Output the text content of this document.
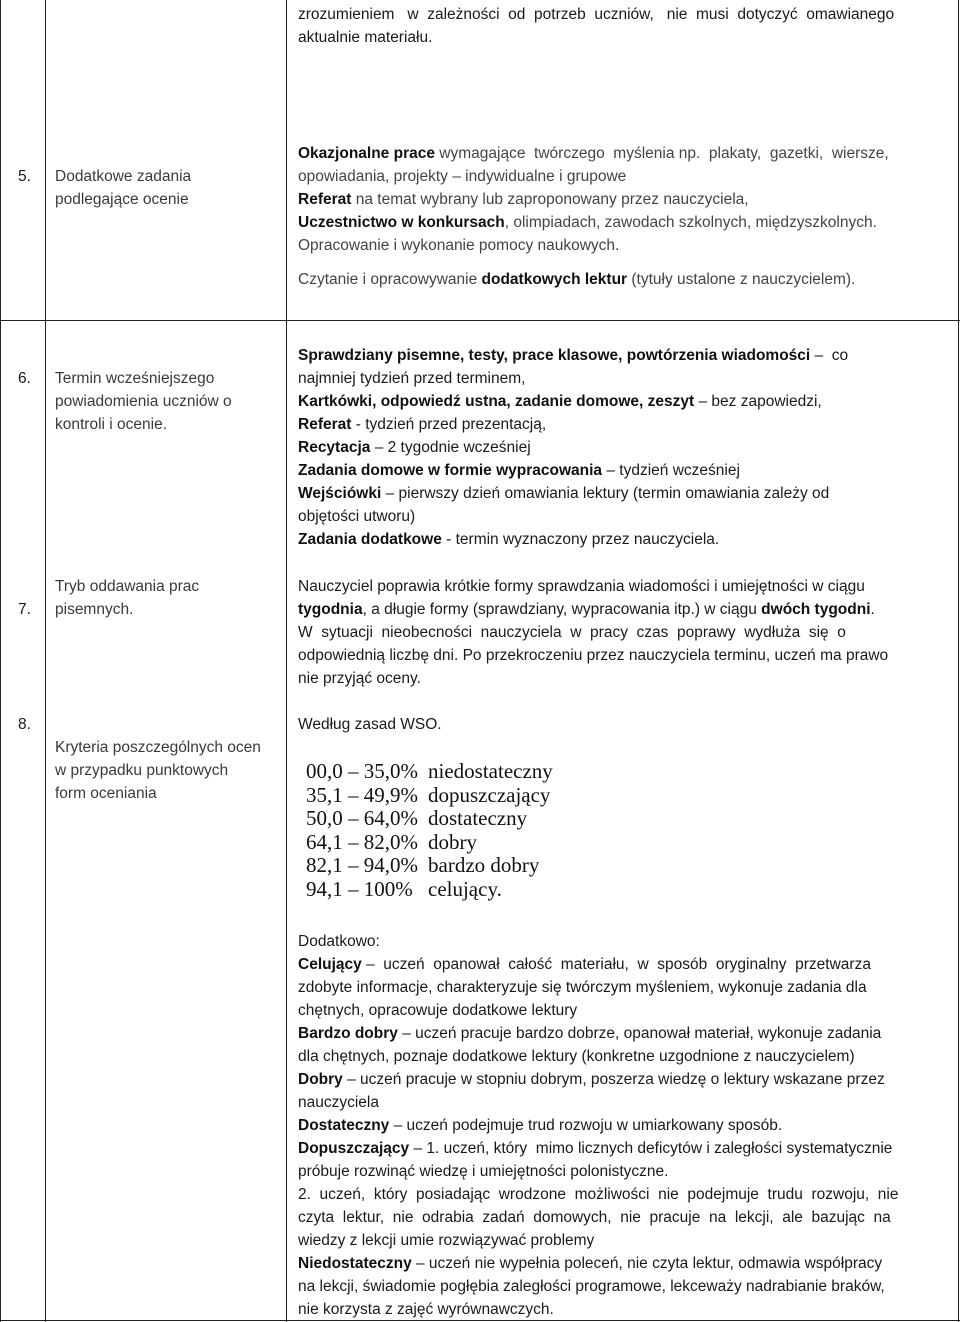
zrozumieniem   w  zależności  od  potrzeb  uczniów,   nie  musi  dotyczyć  omawianego
aktualnie materiału.
5.	Dodatkowe zadania
podlegające ocenie
Okazjonalne prace wymagające  twórczego  myślenia np.  plakaty,  gazetki,  wiersze,
opowiadania, projekty – indywidualne i grupowe
Referat na temat wybrany lub zaproponowany przez nauczyciela,
Uczestnictwo w konkursach, olimpiadach, zawodach szkolnych, międzyszkolnych.
Opracowanie i wykonanie pomocy naukowych.
Czytanie i opracowywanie dodatkowych lektur (tytuły ustalone z nauczycielem).
6.	Termin wcześniejszego
powiadomienia uczniów o
kontroli i ocenie.
Sprawdziany pisemne, testy, prace klasowe, powtórzenia wiadomości –  co
najmniej tydzień przed terminem,
Kartkówki, odpowiedź ustna, zadanie domowe, zeszyt – bez zapowiedzi,
Referat - tydzień przed prezentacją,
Recytacja – 2 tygodnie wcześniej
Zadania domowe w formie wypracowania – tydzień wcześniej
Wejściówki – pierwszy dzień omawiania lektury (termin omawiania zależy od
objętości utworu)
Zadania dodatkowe - termin wyznaczony przez nauczyciela.
7.
Tryb oddawania prac
pisemnych.
Nauczyciel poprawia krótkie formy sprawdzania wiadomości i umiejętności w ciągu
tygodnia, a długie formy (sprawdziany, wypracowania itp.) w ciągu dwóch tygodni.
W  sytuacji  nieobecności  nauczyciela  w  pracy  czas  poprawy  wydłuża  się  o
odpowiednią liczbę dni. Po przekroczeniu przez nauczyciela terminu, uczeń ma prawo
nie przyjąć oceny.
8.
Kryteria poszczególnych ocen
w przypadku punktowych
form oceniania
Według zasad WSO.
00,0 – 35,0% niedostateczny
35,1 – 49,9% dopuszczający
50,0 – 64,0% dostateczny
64,1 – 82,0% dobry
82,1 – 94,0% bardzo dobry
94,1 – 100% celujący.
Dodatkowo:
Celujący –  uczeń  opanował  całość  materiału,  w  sposób  oryginalny  przetwarza
zdobyte informacje, charakteryzuje się twórczym myśleniem, wykonuje zadania dla
chętnych, opracowuje dodatkowe lektury
Bardzo dobry – uczeń pracuje bardzo dobrze, opanował materiał, wykonuje zadania
dla chętnych, poznaje dodatkowe lektury (konkretne uzgodnione z nauczycielem)
Dobry – uczeń pracuje w stopniu dobrym, poszerza wiedzę o lektury wskazane przez
nauczyciela
Dostateczny – uczeń podejmuje trud rozwoju w umiarkowany sposób.
Dopuszczający – 1. uczeń, który  mimo licznych deficytów i zaległości systematycznie
próbuje rozwinąć wiedzę i umiejętności polonistyczne.
2.  uczeń,  który  posiadając  wrodzone  możliwości  nie  podejmuje  trudu  rozwoju,  nie
czyta  lektur,  nie  odrabia  zadań  domowych,  nie  pracuje  na  lekcji,  ale  bazując  na
wiedzy z lekcji umie rozwiązywać problemy
Niedostateczny – uczeń nie wypełnia poleceń, nie czyta lektur, odmawia współpracy
na lekcji, świadomie pogłębia zaległości programowe, lekceważy nadrabianie braków,
nie korzysta z zajęć wyrównawczych.
